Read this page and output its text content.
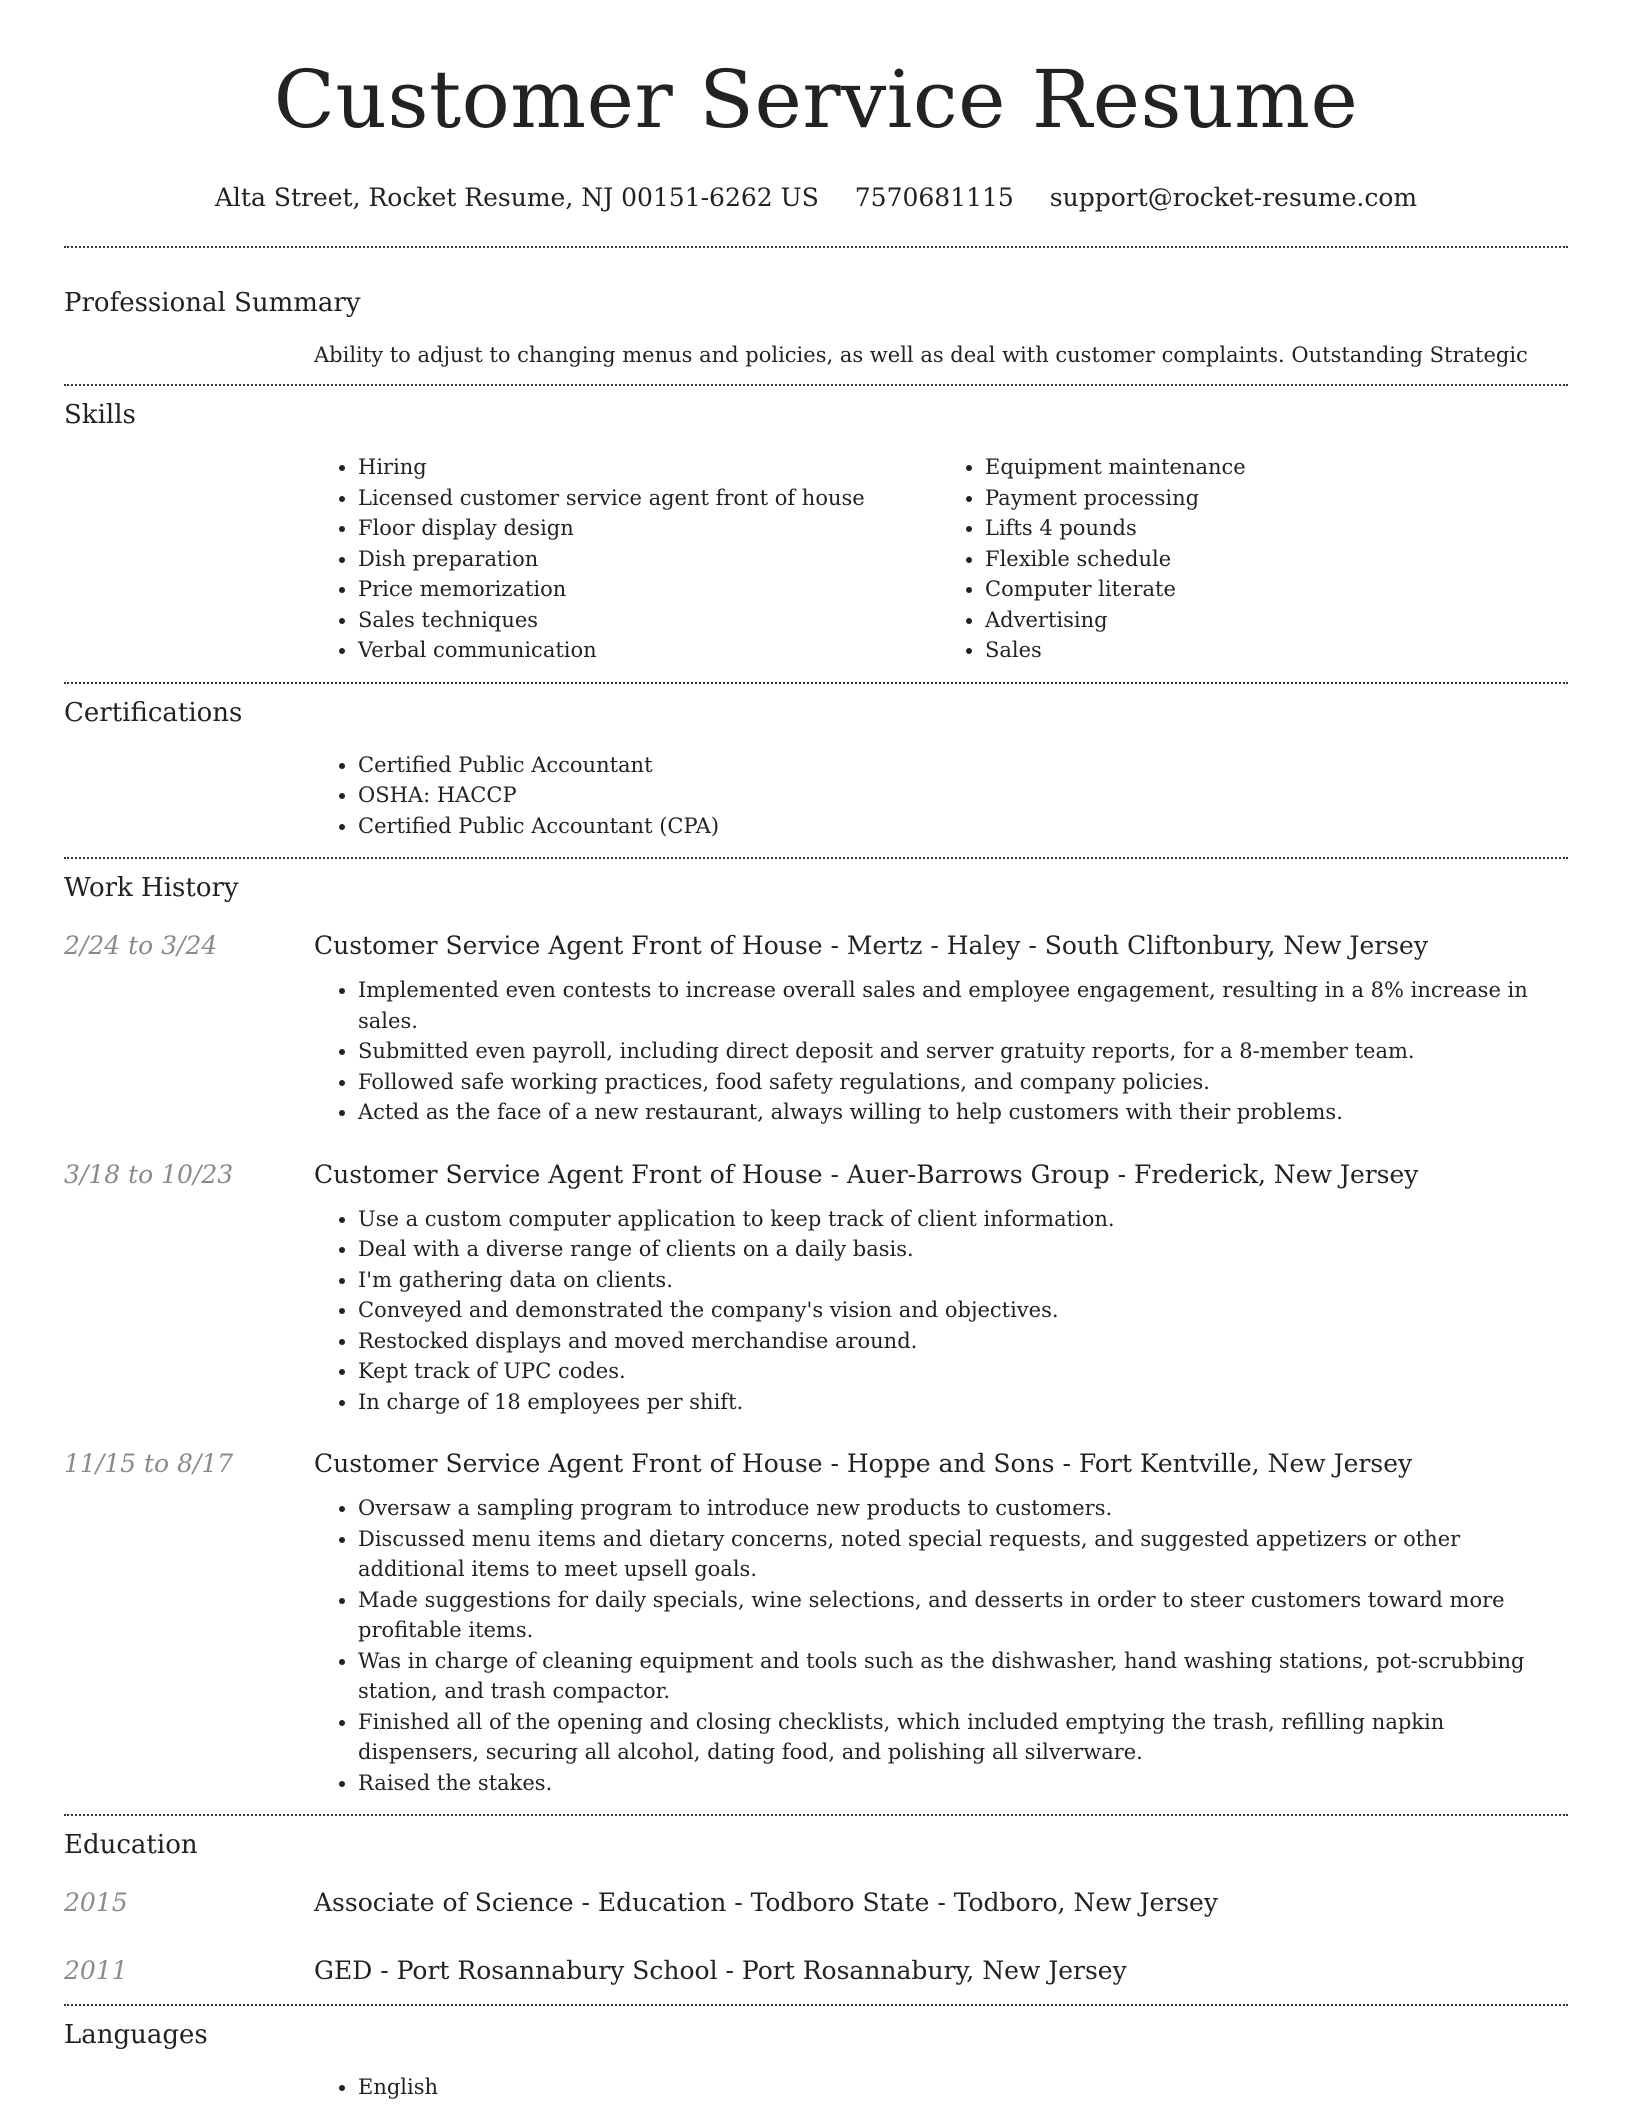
Customer Service Resume
Alta Street, Rocket Resume, NJ 00151-6262 US 7570681115 support@rocket-resume.com
Professional Summary
Ability to adjust to changing menus and policies, as well as deal with customer complaints. Outstanding Strategic
Skills
• Hiring
• Licensed customer service agent front of house
• Floor display design
• Dish preparation
• Price memorization
• Sales techniques
• Verbal communication
• Equipment maintenance
• Payment processing
• Lifts 4 pounds
• Flexible schedule
• Computer literate
• Advertising
• Sales
Certifications
• Certified Public Accountant
• OSHA: HACCP
• Certified Public Accountant (CPA)
Work History
2/24 to 3/24	Customer Service Agent Front of House - Mertz - Haley - South Cliftonbury, New Jersey
• Implemented even contests to increase overall sales and employee engagement, resulting in a 8% increase in sales.
• Submitted even payroll, including direct deposit and server gratuity reports, for a 8-member team.
• Followed safe working practices, food safety regulations, and company policies.
• Acted as the face of a new restaurant, always willing to help customers with their problems.
3/18 to 10/23	Customer Service Agent Front of House - Auer-Barrows Group - Frederick, New Jersey
• Use a custom computer application to keep track of client information.
• Deal with a diverse range of clients on a daily basis.
• I'm gathering data on clients.
• Conveyed and demonstrated the company's vision and objectives.
• Restocked displays and moved merchandise around.
• Kept track of UPC codes.
• In charge of 18 employees per shift.
11/15 to 8/17	Customer Service Agent Front of House - Hoppe and Sons - Fort Kentville, New Jersey
• Oversaw a sampling program to introduce new products to customers.
• Discussed menu items and dietary concerns, noted special requests, and suggested appetizers or other additional items to meet upsell goals.
• Made suggestions for daily specials, wine selections, and desserts in order to steer customers toward more profitable items.
• Was in charge of cleaning equipment and tools such as the dishwasher, hand washing stations, pot-scrubbing station, and trash compactor.
• Finished all of the opening and closing checklists, which included emptying the trash, refilling napkin dispensers, securing all alcohol, dating food, and polishing all silverware.
• Raised the stakes.
Education
2015	Associate of Science - Education - Todboro State - Todboro, New Jersey
2011	GED - Port Rosannabury School - Port Rosannabury, New Jersey
Languages
• English
